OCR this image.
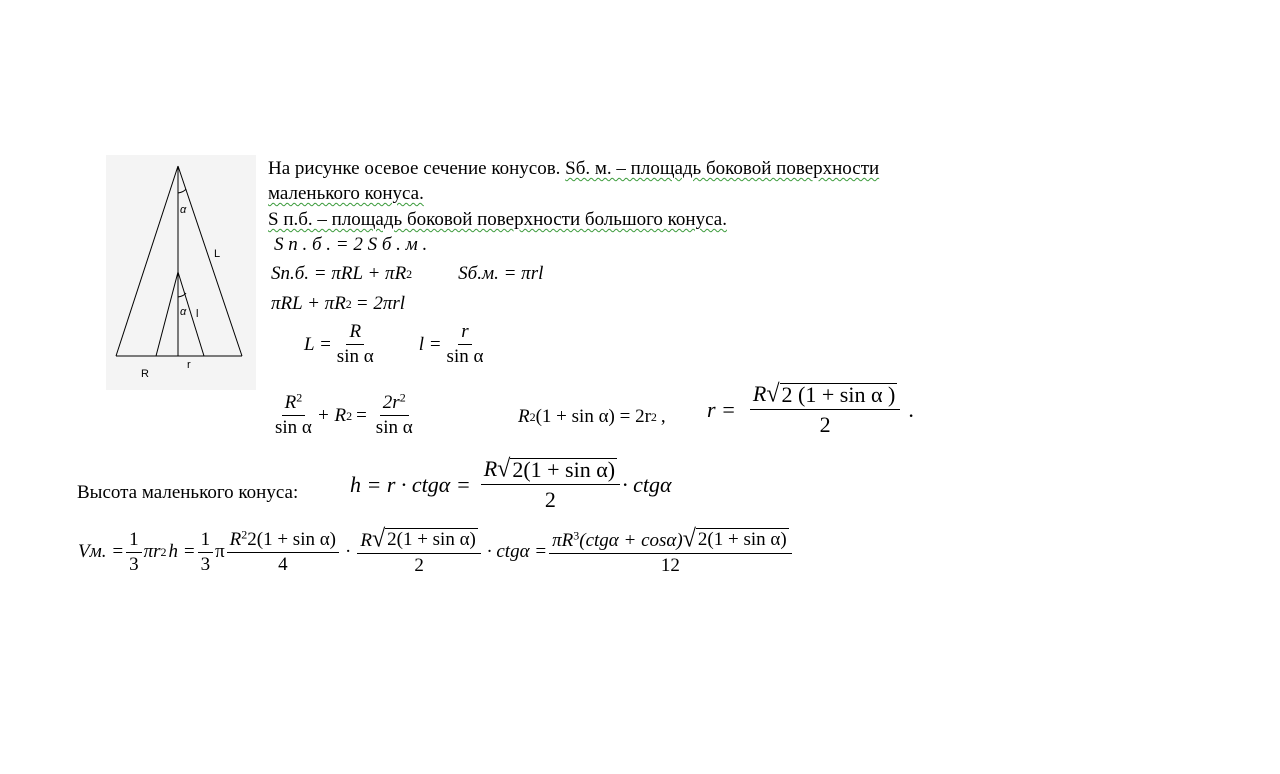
α
α
L
l
R
r
На рисунке осевое сечение конусов. Sб. м. – площадь боковой поверхности
маленького конуса.
S п.б. – площадь боковой поверхности большого конуса.
S п . б . = 2 S б . м .
Sп.б. = πRL + πR 2 Sб.м. = πrl
πRL + πR 2 = 2πrl
$L = \frac{R}{\text{sin α}}$ $l = \frac{r}{\text{sin α}}$
$\frac{R^2}{\text{sin α}} + R$ $2 = \frac{2r^2}{\text{sin α}}$	R 2 (1 + sin α) = 2r 2 , $r = \frac{\text{R √ 2 (1 + sin α )}}{2}$ .
Высота маленького конуса: $h = r \cdot ctg\alpha = \frac{\text{R √ 2(1 + sin α)}}{2} \cdot ctg\alpha$
Vм. = $\frac{1}{3}$ πr 2 $h = \frac{1}{3}$ π $\frac{R^22(1 + \sin \alpha)}{4} \cdot \frac{\text{R √ 2(1 + sin α)}}{2} \cdot ctg\alpha = \frac{\pi R^3(ctg\alpha + \cos\alpha) √ 2(1 + \sin \alpha)}{12}$
